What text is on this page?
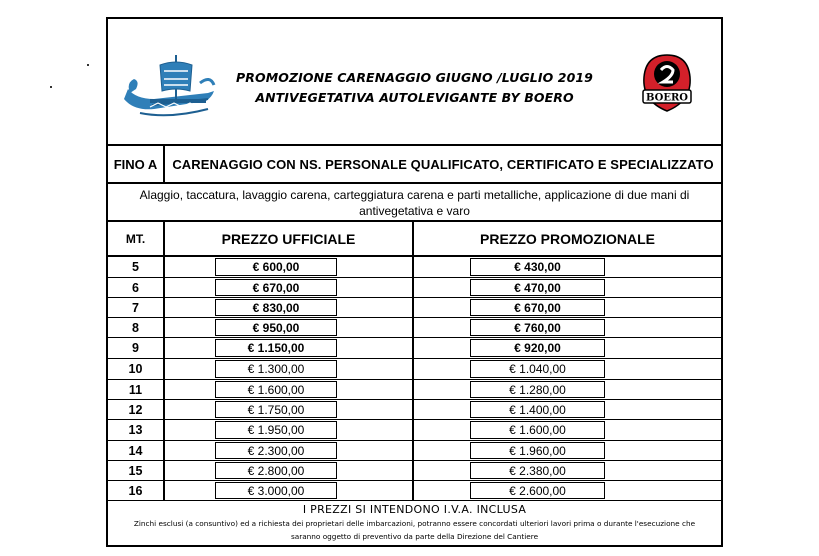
PROMOZIONE CARENAGGIO GIUGNO /LUGLIO 2019
ANTIVEGETATIVA AUTOLEVIGANTE BY BOERO	BOERO
FINO A	CARENAGGIO CON NS. PERSONALE QUALIFICATO, CERTIFICATO E SPECIALIZZATO
Alaggio, taccatura, lavaggio carena, carteggiatura carena e parti metalliche, applicazione di due mani di
antivegetativa e varo
MT.	PREZZO UFFICIALE	PREZZO PROMOZIONALE
5	€ 600,00	€ 430,00
6	€ 670,00	€ 470,00
7	€ 830,00	€ 670,00
8	€ 950,00	€ 760,00
9	€ 1.150,00	€ 920,00
10	€ 1.300,00	€ 1.040,00
11	€ 1.600,00	€ 1.280,00
12	€ 1.750,00	€ 1.400,00
13	€ 1.950,00	€ 1.600,00
14	€ 2.300,00	€ 1.960,00
15	€ 2.800,00	€ 2.380,00
16	€ 3.000,00	€ 2.600,00
I PREZZI SI INTENDONO I.V.A. INCLUSA
Zinchi esclusi (a consuntivo) ed a richiesta dei proprietari delle imbarcazioni, potranno essere concordati ulteriori lavori prima o durante l'esecuzione che
saranno oggetto di preventivo da parte della Direzione del Cantiere
